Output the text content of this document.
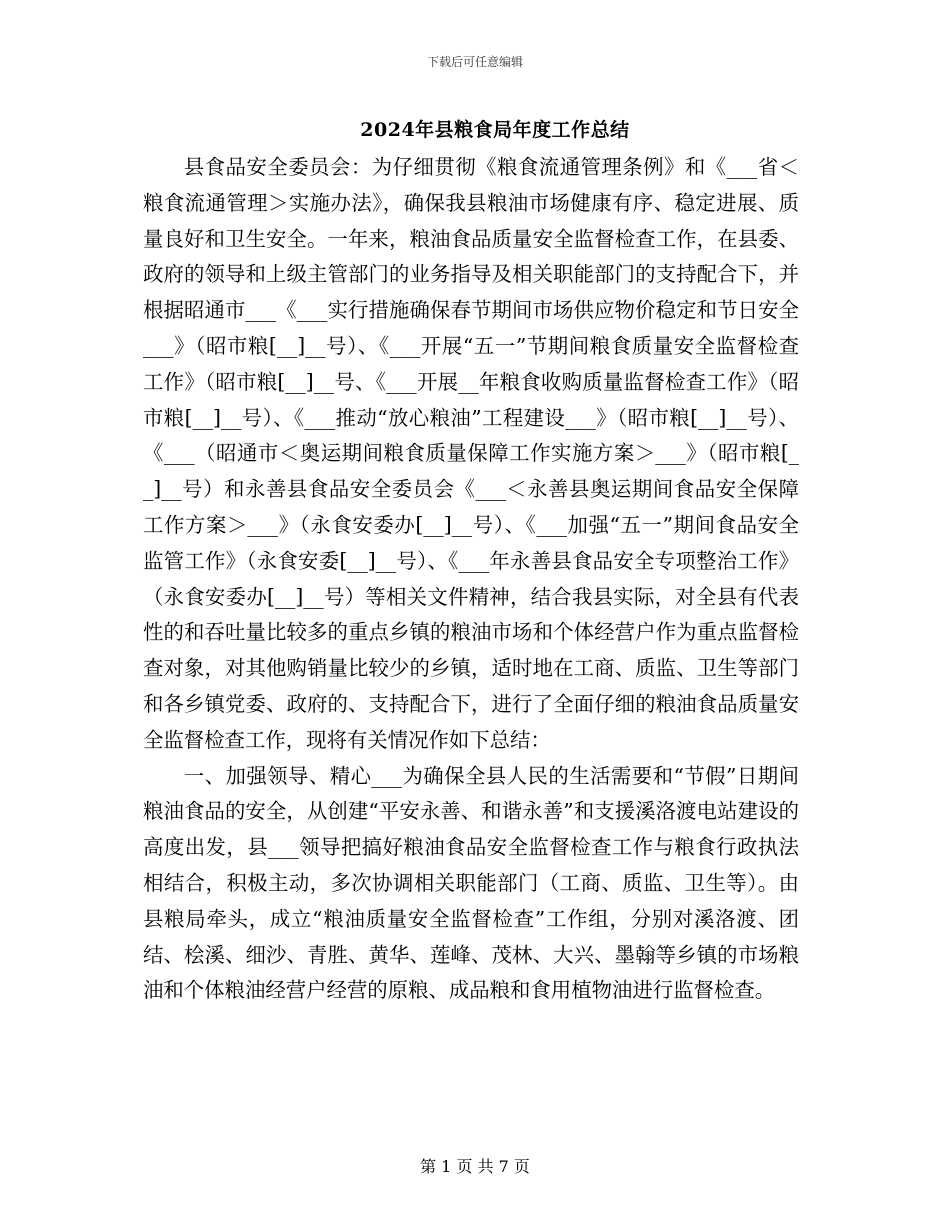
下载后可任意编辑
2024年县粮食局年度工作总结

县食品安全委员会：为仔细贯彻《粮食流通管理条例》和《___省＜粮食流通管理＞实施办法》，确保我县粮油市场健康有序、稳定进展、质量良好和卫生安全。一年来，粮油食品质量安全监督检查工作，在县委、政府的领导和上级主管部门的业务指导及相关职能部门的支持配合下，并根据昭通市___《___实行措施确保春节期间市场供应物价稳定和节日安全___》（昭市粮[__]__号）、《___开展“五一”节期间粮食质量安全监督检查工作》（昭市粮[__]__号、《___开展__年粮食收购质量监督检查工作》（昭市粮[__]__号）、《___推动“放心粮油”工程建设___》（昭市粮[__]__号）、《___（昭通市＜奥运期间粮食质量保障工作实施方案＞___》（昭市粮[__]__号）和永善县食品安全委员会《___＜永善县奥运期间食品安全保障工作方案＞___》（永食安委办[__]__号）、《___加强“五一”期间食品安全监管工作》（永食安委[__]__号）、《___年永善县食品安全专项整治工作》（永食安委办[__]__号）等相关文件精神，结合我县实际，对全县有代表性的和吞吐量比较多的重点乡镇的粮油市场和个体经营户作为重点监督检查对象，对其他购销量比较少的乡镇，适时地在工商、质监、卫生等部门和各乡镇党委、政府的、支持配合下，进行了全面仔细的粮油食品质量安全监督检查工作，现将有关情况作如下总结：

一、加强领导、精心___为确保全县人民的生活需要和“节假”日期间粮油食品的安全，从创建“平安永善、和谐永善”和支援溪洛渡电站建设的高度出发，县___领导把搞好粮油食品安全监督检查工作与粮食行政执法相结合，积极主动，多次协调相关职能部门（工商、质监、卫生等）。由县粮局牵头，成立“粮油质量安全监督检查”工作组，分别对溪洛渡、团结、桧溪、细沙、青胜、黄华、莲峰、茂林、大兴、墨翰等乡镇的市场粮油和个体粮油经营户经营的原粮、成品粮和食用植物油进行监督检查。

第 1 页 共 7 页
